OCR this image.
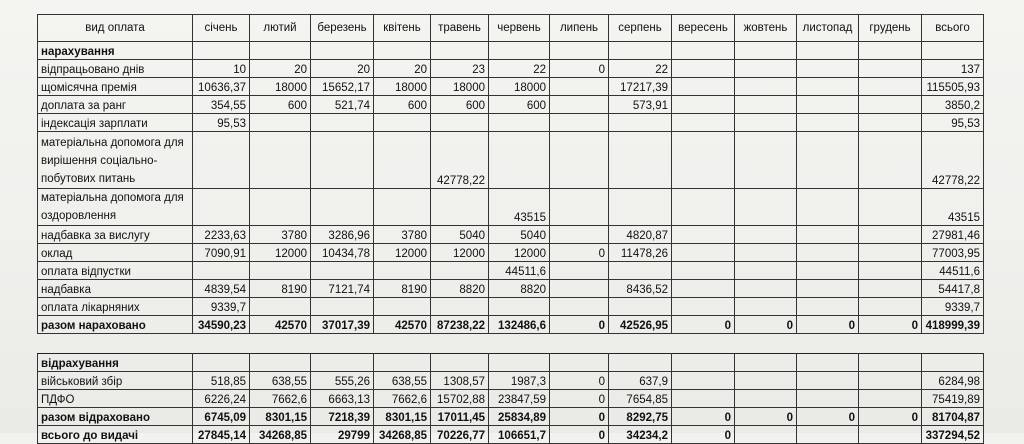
вид оплата	січень	лютий	березень	квітень	травень	червень	липень	серпень	вересень	жовтень	листопад	грудень	всього
нарахування													
відпрацьовано днів	10	20	20	20	23	22	0	22					137
щомісячна премія	10636,37	18000	15652,17	18000	18000	18000		17217,39					115505,93
доплата за ранг	354,55	600	521,74	600	600	600		573,91					3850,2
індексація зарплати	95,53												95,53
матеріальна допомога для вирішення соціально-побутових питань					42778,22								42778,22
матеріальна допомога для оздоровлення						43515							43515
надбавка за вислугу	2233,63	3780	3286,96	3780	5040	5040		4820,87					27981,46
оклад	7090,91	12000	10434,78	12000	12000	12000	0	11478,26					77003,95
оплата відпустки						44511,6							44511,6
надбавка	4839,54	8190	7121,74	8190	8820	8820		8436,52					54417,8
оплата лікарняних	9339,7												9339,7
разом нараховано	34590,23	42570	37017,39	42570	87238,22	132486,6	0	42526,95	0	0	0	0	418999,39

відрахування													
військовий збір	518,85	638,55	555,26	638,55	1308,57	1987,3	0	637,9					6284,98
ПДФО	6226,24	7662,6	6663,13	7662,6	15702,88	23847,59	0	7654,85					75419,89
разом відраховано	6745,09	8301,15	7218,39	8301,15	17011,45	25834,89	0	8292,75	0	0	0	0	81704,87
всього до видачі	27845,14	34268,85	29799	34268,85	70226,77	106651,7	0	34234,2	0				337294,52
